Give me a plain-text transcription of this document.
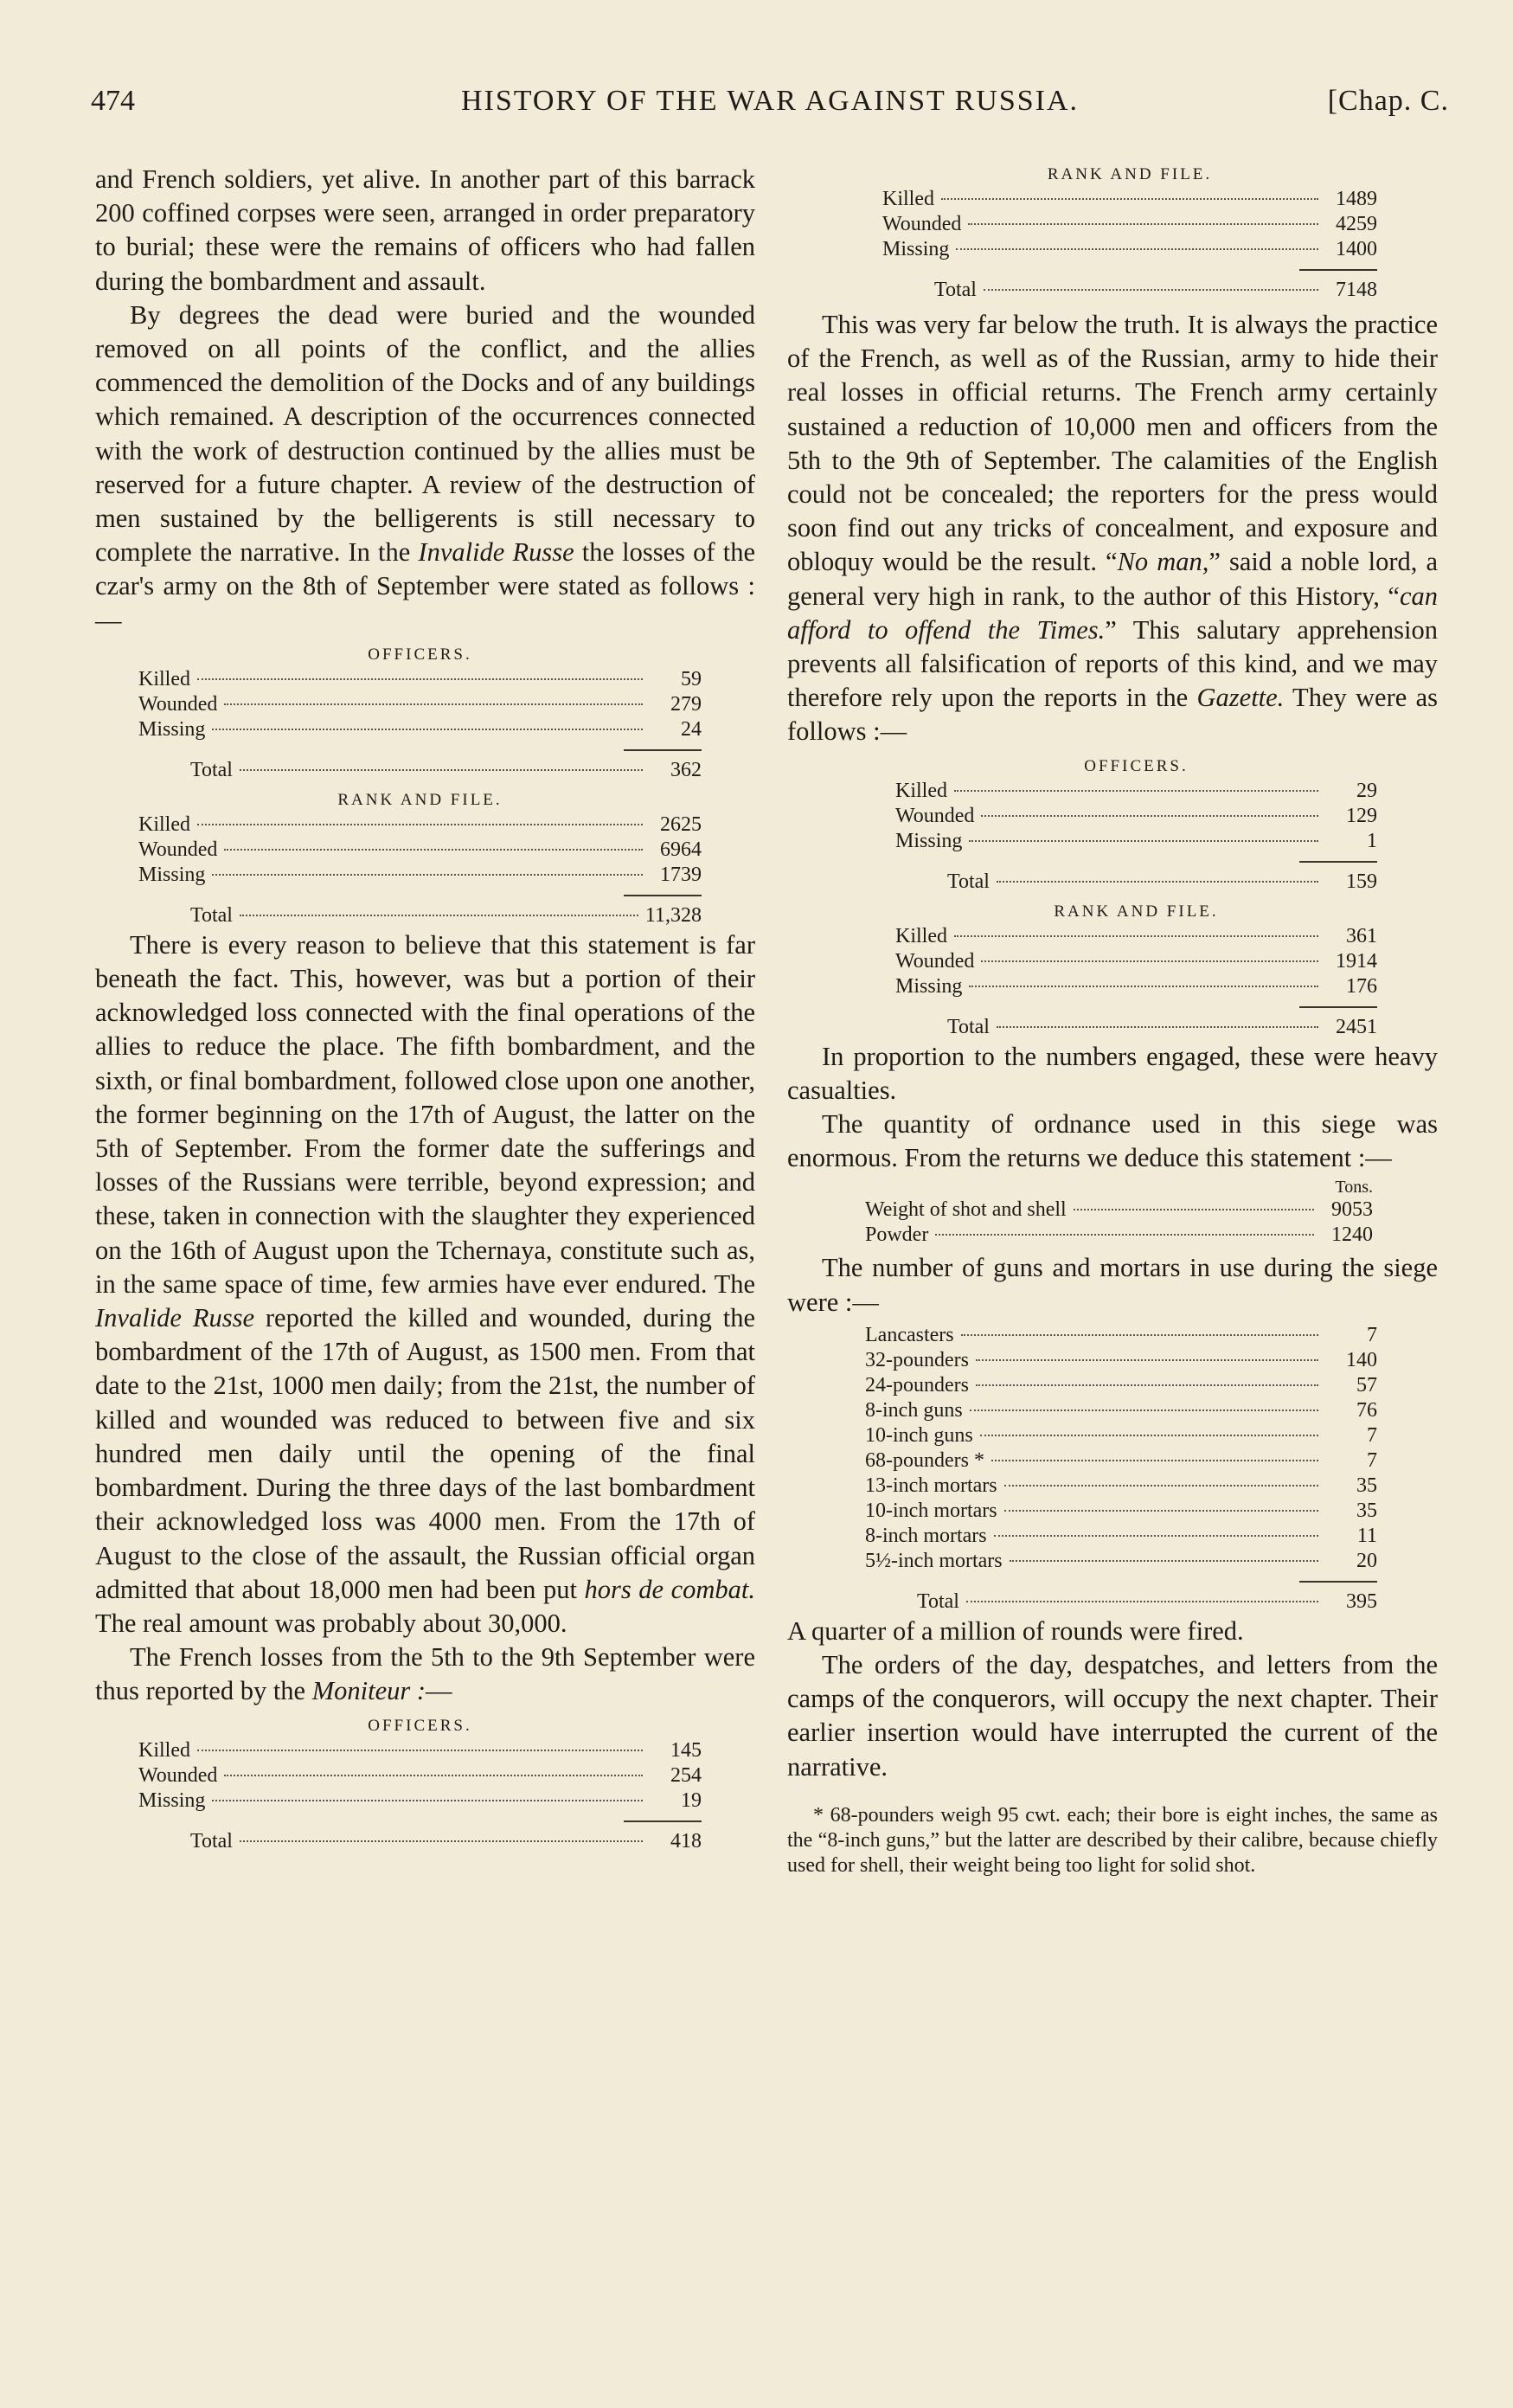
474	HISTORY OF THE WAR AGAINST RUSSIA.	[Chap. C.

and French soldiers, yet alive. In another part of this barrack 200 coffined corpses were seen, arranged in order preparatory to burial; these were the remains of officers who had fallen during the bombardment and assault.

By degrees the dead were buried and the wounded removed on all points of the conflict, and the allies commenced the demolition of the Docks and of any buildings which remained. A description of the occurrences connected with the work of destruction continued by the allies must be reserved for a future chapter. A review of the destruction of men sustained by the belligerents is still necessary to complete the narrative. In the Invalide Russe the losses of the czar's army on the 8th of September were stated as follows :—

OFFICERS.
Killed	59
Wounded	279
Missing	24
Total	362
RANK AND FILE.
Killed	2625
Wounded	6964
Missing	1739
Total	11,328

There is every reason to believe that this statement is far beneath the fact. This, however, was but a portion of their acknowledged loss connected with the final operations of the allies to reduce the place. The fifth bombardment, and the sixth, or final bombardment, followed close upon one another, the former beginning on the 17th of August, the latter on the 5th of September. From the former date the sufferings and losses of the Russians were terrible, beyond expression; and these, taken in connection with the slaughter they experienced on the 16th of August upon the Tchernaya, constitute such as, in the same space of time, few armies have ever endured. The Invalide Russe reported the killed and wounded, during the bombardment of the 17th of August, as 1500 men. From that date to the 21st, 1000 men daily; from the 21st, the number of killed and wounded was reduced to between five and six hundred men daily until the opening of the final bombardment. During the three days of the last bombardment their acknowledged loss was 4000 men. From the 17th of August to the close of the assault, the Russian official organ admitted that about 18,000 men had been put hors de combat. The real amount was probably about 30,000.

The French losses from the 5th to the 9th September were thus reported by the Moniteur :—

OFFICERS.
Killed	145
Wounded	254
Missing	19
Total	418
RANK AND FILE.
Killed	1489
Wounded	4259
Missing	1400
Total	7148

This was very far below the truth. It is always the practice of the French, as well as of the Russian, army to hide their real losses in official returns. The French army certainly sustained a reduction of 10,000 men and officers from the 5th to the 9th of September. The calamities of the English could not be concealed; the reporters for the press would soon find out any tricks of concealment, and exposure and obloquy would be the result. “No man,” said a noble lord, a general very high in rank, to the author of this History, “can afford to offend the Times.” This salutary apprehension prevents all falsification of reports of this kind, and we may therefore rely upon the reports in the Gazette. They were as follows :—

OFFICERS.
Killed	29
Wounded	129
Missing	1
Total	159
RANK AND FILE.
Killed	361
Wounded	1914
Missing	176
Total	2451

In proportion to the numbers engaged, these were heavy casualties.

The quantity of ordnance used in this siege was enormous. From the returns we deduce this statement :—

Tons.
Weight of shot and shell	9053
Powder	1240

The number of guns and mortars in use during the siege were :—

Lancasters	7
32-pounders	140
24-pounders	57
8-inch guns	76
10-inch guns	7
68-pounders *	7
13-inch mortars	35
10-inch mortars	35
8-inch mortars	11
5½-inch mortars	20
Total	395

A quarter of a million of rounds were fired.

The orders of the day, despatches, and letters from the camps of the conquerors, will occupy the next chapter. Their earlier insertion would have interrupted the current of the narrative.

* 68-pounders weigh 95 cwt. each; their bore is eight inches, the same as the “8-inch guns,” but the latter are described by their calibre, because chiefly used for shell, their weight being too light for solid shot.
